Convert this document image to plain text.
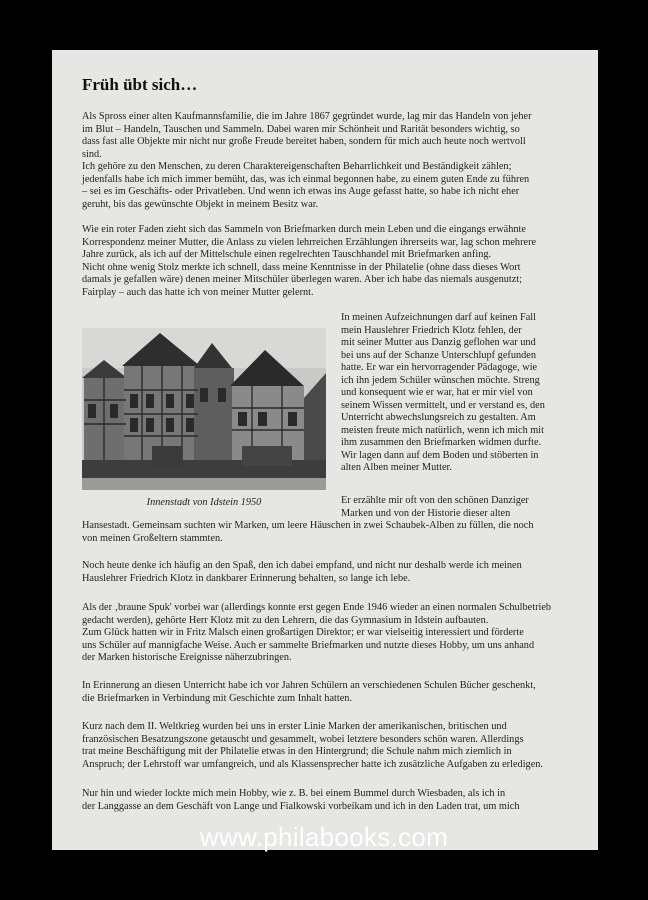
Früh übt sich…

Als Spross einer alten Kaufmannsfamilie, die im Jahre 1867 gegründet wurde, lag mir das Handeln von jeher
im Blut – Handeln, Tauschen und Sammeln. Dabei waren mir Schönheit und Rarität besonders wichtig, so
dass fast alle Objekte mir nicht nur große Freude bereitet haben, sondern für mich auch heute noch wertvoll
sind.
Ich gehöre zu den Menschen, zu deren Charaktereigenschaften Beharrlichkeit und Beständigkeit zählen;
jedenfalls habe ich mich immer bemüht, das, was ich einmal begonnen habe, zu einem guten Ende zu führen
– sei es im Geschäfts- oder Privatleben. Und wenn ich etwas ins Auge gefasst hatte, so habe ich nicht eher
geruht, bis das gewünschte Objekt in meinem Besitz war.

Wie ein roter Faden zieht sich das Sammeln von Briefmarken durch mein Leben und die eingangs erwähnte
Korrespondenz meiner Mutter, die Anlass zu vielen lehrreichen Erzählungen ihrerseits war, lag schon mehrere
Jahre zurück, als ich auf der Mittelschule einen regelrechten Tauschhandel mit Briefmarken anfing.
Nicht ohne wenig Stolz merkte ich schnell, dass meine Kenntnisse in der Philatelie (ohne dass dieses Wort
damals je gefallen wäre) denen meiner Mitschüler überlegen waren. Aber ich habe das niemals ausgenutzt;
Fairplay – auch das hatte ich von meiner Mutter gelernt.

Innenstadt von Idstein 1950

In meinen Aufzeichnungen darf auf keinen Fall
mein Hauslehrer Friedrich Klotz fehlen, der
mit seiner Mutter aus Danzig geflohen war und
bei uns auf der Schanze Unterschlupf gefunden
hatte. Er war ein hervorragender Pädagoge, wie
ich ihn jedem Schüler wünschen möchte. Streng
und konsequent wie er war, hat er mir viel von
seinem Wissen vermittelt, und er verstand es, den
Unterricht abwechslungsreich zu gestalten. Am
meisten freute mich natürlich, wenn ich mich mit
ihm zusammen den Briefmarken widmen durfte.
Wir lagen dann auf dem Boden und stöberten in
alten Alben meiner Mutter.

Er erzählte mir oft von den schönen Danziger
Marken und von der Historie dieser alten

Hansestadt. Gemeinsam suchten wir Marken, um leere Häuschen in zwei Schaubek-Alben zu füllen, die noch
von meinen Großeltern stammten.

Noch heute denke ich häufig an den Spaß, den ich dabei empfand, und nicht nur deshalb werde ich meinen
Hauslehrer Friedrich Klotz in dankbarer Erinnerung behalten, so lange ich lebe.

Als der ‚braune Spuk' vorbei war (allerdings konnte erst gegen Ende 1946 wieder an einen normalen Schulbetrieb
gedacht werden), gehörte Herr Klotz mit zu den Lehrern, die das Gymnasium in Idstein aufbauten.
Zum Glück hatten wir in Fritz Malsch einen großartigen Direktor; er war vielseitig interessiert und förderte
uns Schüler auf mannigfache Weise. Auch er sammelte Briefmarken und nutzte dieses Hobby, um uns anhand
der Marken historische Ereignisse näherzubringen.

In Erinnerung an diesen Unterricht habe ich vor Jahren Schülern an verschiedenen Schulen Bücher geschenkt,
die Briefmarken in Verbindung mit Geschichte zum Inhalt hatten.

Kurz nach dem II. Weltkrieg wurden bei uns in erster Linie Marken der amerikanischen, britischen und
französischen Besatzungszone getauscht und gesammelt, wobei letztere besonders schön waren. Allerdings
trat meine Beschäftigung mit der Philatelie etwas in den Hintergrund; die Schule nahm mich ziemlich in
Anspruch; der Lehrstoff war umfangreich, und als Klassensprecher hatte ich zusätzliche Aufgaben zu erledigen.

Nur hin und wieder lockte mich mein Hobby, wie z. B. bei einem Bummel durch Wiesbaden, als ich in
der Langgasse an dem Geschäft von Lange und Fialkowski vorbeikam und ich in den Laden trat, um mich

www.philabooks.com
